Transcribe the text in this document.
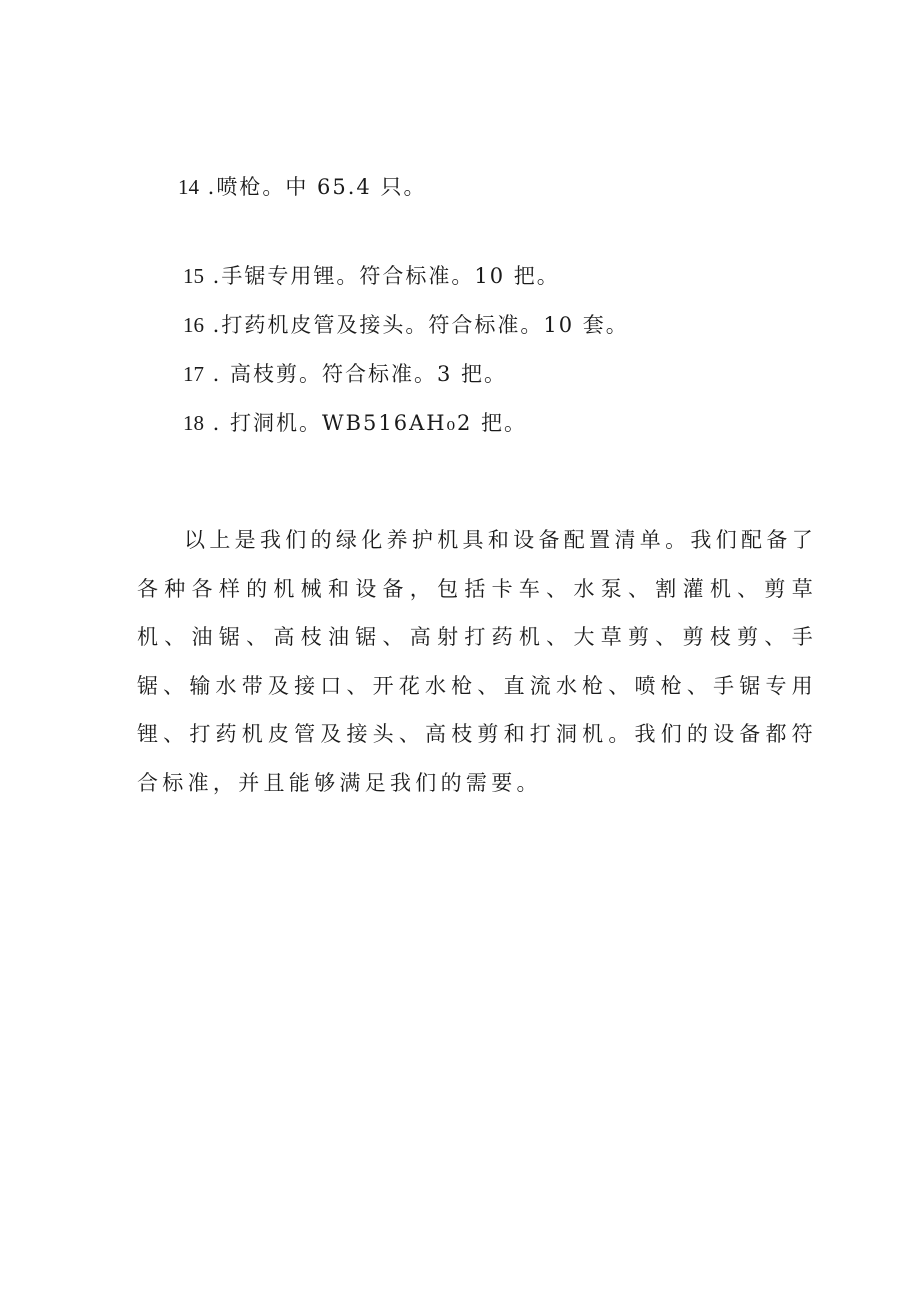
14 .喷枪。中 65.4 只。
15 .手锯专用锂。符合标准。10 把。
16 .打药机皮管及接头。符合标准。10 套。
17 . 高枝剪。符合标准。3 把。
18 . 打洞机。WB516AH₀2 把。

以上是我们的绿化养护机具和设备配置清单。我们配备了各种各样的机械和设备，包括卡车、水泵、割灌机、剪草机、油锯、高枝油锯、高射打药机、大草剪、剪枝剪、手锯、输水带及接口、开花水枪、直流水枪、喷枪、手锯专用锂、打药机皮管及接头、高枝剪和打洞机。我们的设备都符合标准，并且能够满足我们的需要。
